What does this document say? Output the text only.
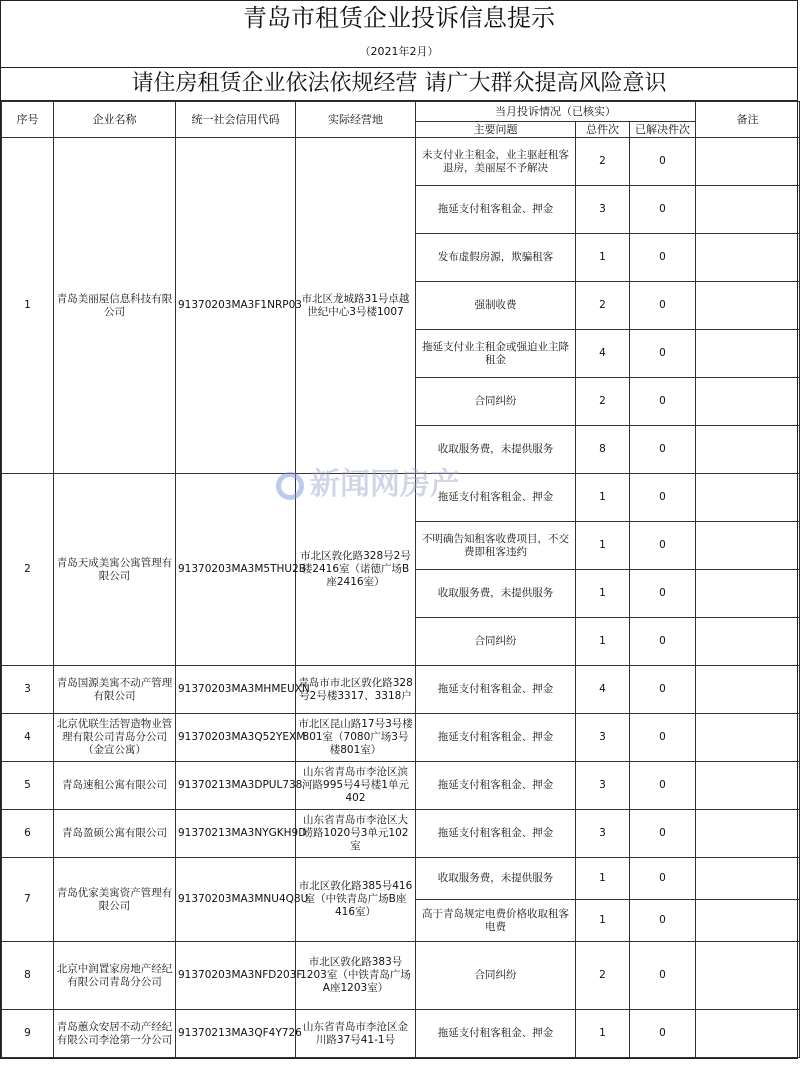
青岛市租赁企业投诉信息提示
（2021年2月）
请住房租赁企业依法依规经营 请广大群众提高风险意识
序号	企业名称	统一社会信用代码	实际经营地	当月投诉情况（已核实）			备注
				主要问题	总件次	已解决件次	
1	青岛美丽屋信息科技有限公司	91370203MA3F1NRP03	市北区龙城路31号卓越世纪中心3号楼1007	未支付业主租金，业主驱赶租客退房，美丽屋不予解决	2	0	
				拖延支付租客租金、押金	3	0	
				发布虚假房源，欺骗租客	1	0	
				强制收费	2	0	
				拖延支付业主租金或强迫业主降租金	4	0	
				合同纠纷	2	0	
				收取服务费，未提供服务	8	0	
2	青岛天成美寓公寓管理有限公司	91370203MA3M5THU2B	市北区敦化路328号2号楼2416室（诺德广场B座2416室）	拖延支付租客租金、押金	1	0	
				不明确告知租客收费项目，不交费即租客违约	1	0	
				收取服务费，未提供服务	1	0	
				合同纠纷	1	0	
3	青岛国源美寓不动产管理有限公司	91370203MA3MHMEUXN	青岛市市北区敦化路328号2号楼3317、3318户	拖延支付租客租金、押金	4	0	
4	北京优联生活智造物业管理有限公司青岛分公司（金宣公寓）	91370203MA3Q52YEXM	市北区昆山路17号3号楼801室（7080广场3号楼801室）	拖延支付租客租金、押金	3	0	
5	青岛速租公寓有限公司	91370213MA3DPUL738	山东省青岛市李沧区滨河路995号4号楼1单元402	拖延支付租客租金、押金	3	0	
6	青岛盈硕公寓有限公司	91370213MA3NYGKH9D	山东省青岛市李沧区大崂路1020号3单元102室	拖延支付租客租金、押金	3	0	
7	青岛优家美寓资产管理有限公司	91370203MA3MNU4Q8U	市北区敦化路385号416室（中铁青岛广场B座416室）	收取服务费，未提供服务	1	0	
				高于青岛规定电费价格收取租客电费	1	0	
8	北京中润置家房地产经纪有限公司青岛分公司	91370203MA3NFD203F	市北区敦化路383号1203室（中铁青岛广场A座1203室）	合同纠纷	2	0	
9	青岛蕙众安居不动产经纪有限公司李沧第一分公司	91370213MA3QF4Y726	山东省青岛市李沧区金川路37号41-1号	拖延支付租客租金、押金	1	0	
新闻网房产
